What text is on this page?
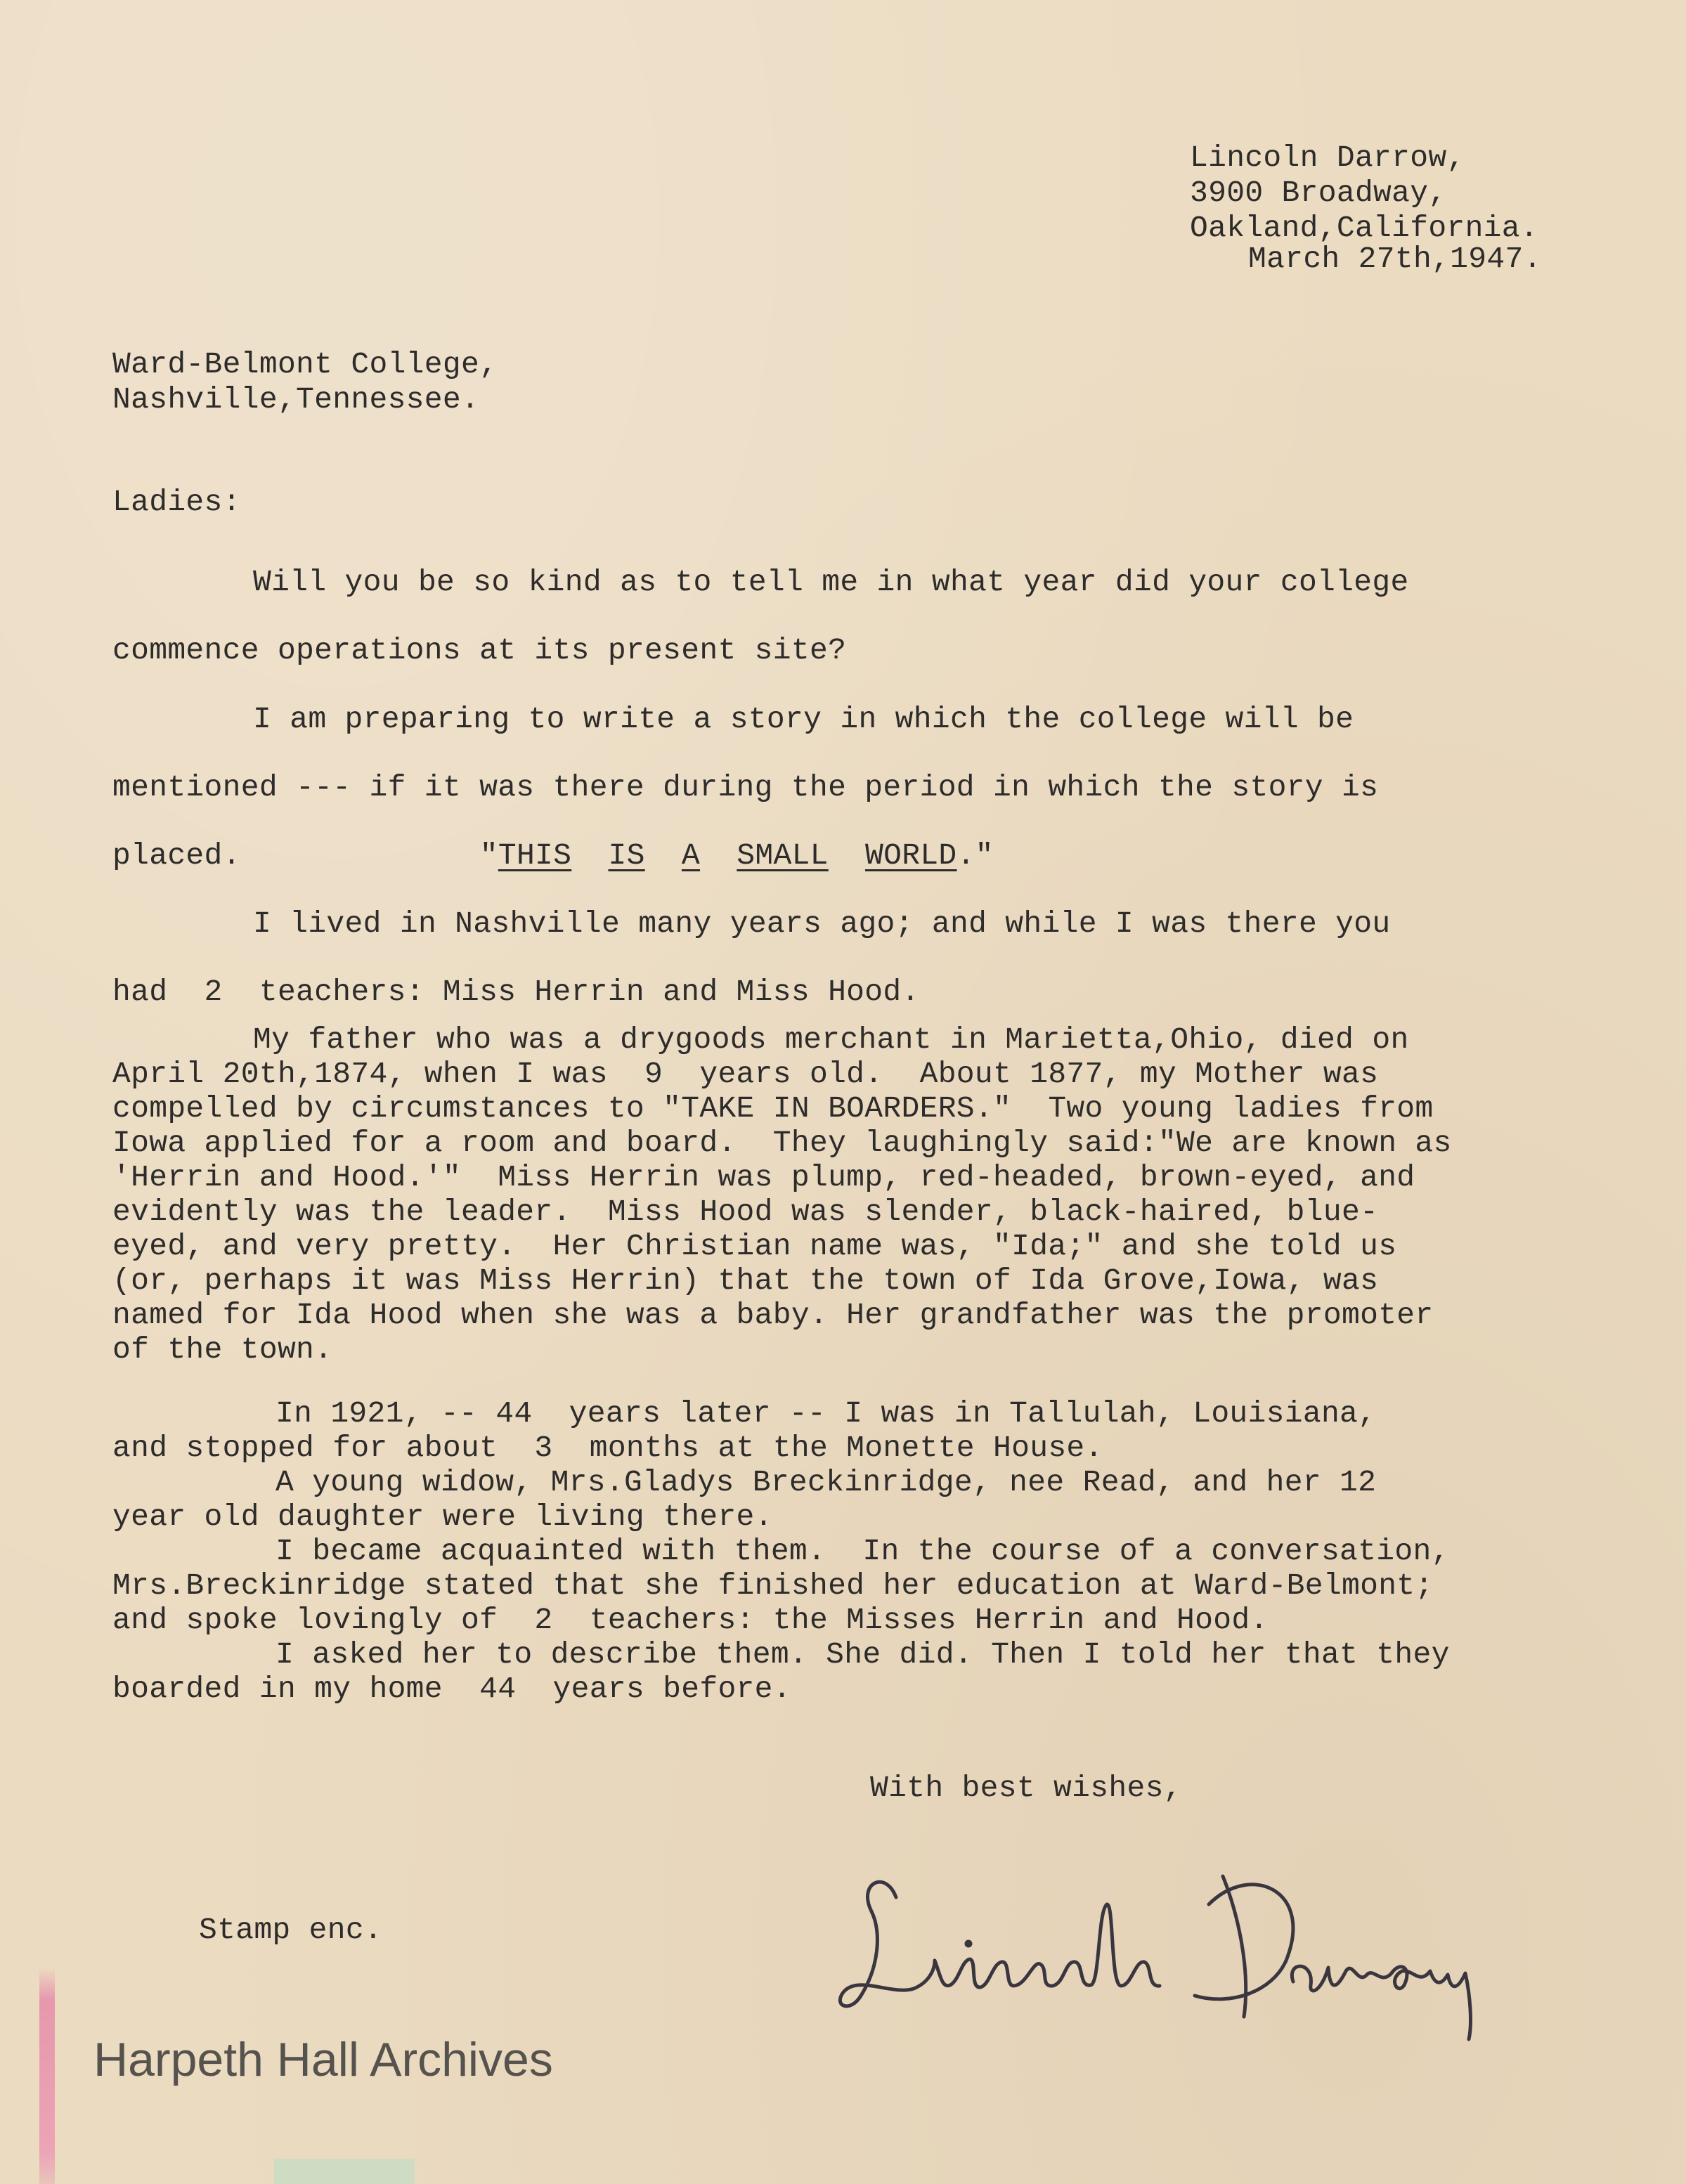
Lincoln Darrow,
3900 Broadway,
Oakland,California.
March 27th,1947.
Ward-Belmont College,
Nashville,Tennessee.
Ladies:
Will you be so kind as to tell me in what year did your college
commence operations at its present site?
I am preparing to write a story in which the college will be
mentioned --- if it was there during the period in which the story is
placed.	"THIS IS A SMALL WORLD."
I lived in Nashville many years ago; and while I was there you
had  2  teachers: Miss Herrin and Miss Hood.
My father who was a drygoods merchant in Marietta,Ohio, died on
April 20th,1874, when I was  9  years old.  About 1877, my Mother was
compelled by circumstances to "TAKE IN BOARDERS."  Two young ladies from
Iowa applied for a room and board.  They laughingly said:"We are known as
'Herrin and Hood.'"  Miss Herrin was plump, red-headed, brown-eyed, and
evidently was the leader.  Miss Hood was slender, black-haired, blue-
eyed, and very pretty.  Her Christian name was, "Ida;" and she told us
(or, perhaps it was Miss Herrin) that the town of Ida Grove,Iowa, was
named for Ida Hood when she was a baby. Her grandfather was the promoter
of the town.
In 1921, -- 44  years later -- I was in Tallulah, Louisiana,
and stopped for about  3  months at the Monette House.
A young widow, Mrs.Gladys Breckinridge, nee Read, and her 12
year old daughter were living there.
I became acquainted with them.  In the course of a conversation,
Mrs.Breckinridge stated that she finished her education at Ward-Belmont;
and spoke lovingly of  2  teachers: the Misses Herrin and Hood.
I asked her to describe them. She did. Then I told her that they
boarded in my home  44  years before.
With best wishes,
Stamp enc.
Harpeth Hall Archives
